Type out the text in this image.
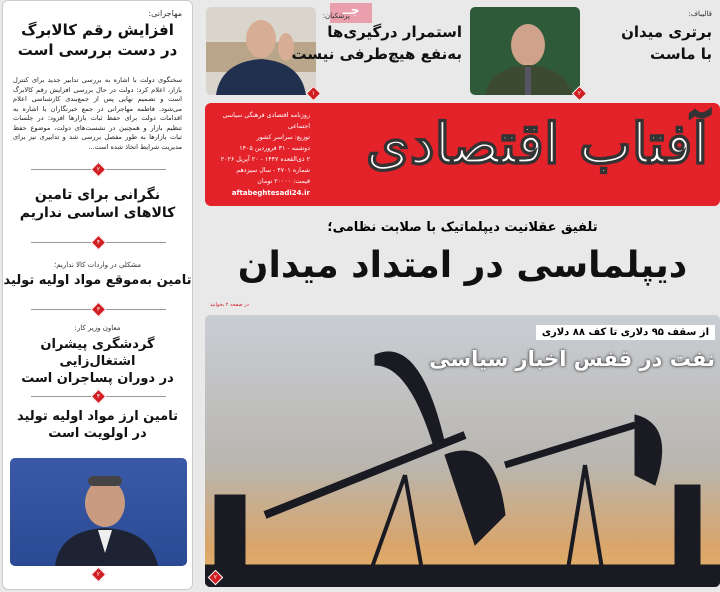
مهاجرانی:
افزایش رقم کالابرگ
در دست بررسی است
سخنگوی دولت با اشاره به بررسی تدابیر جدید برای کنترل بازار، اعلام کرد: دولت در حال بررسی افزایش رقم کالابرگ است و تصمیم نهایی پس از جمع‌بندی کارشناسی اعلام می‌شود. فاطمه مهاجرانی در جمع خبرنگاران با اشاره به اقدامات دولت برای حفظ ثبات بازارها افزود: در جلسات تنظیم بازار و همچنین در نشست‌های دولت، موضوع حفظ ثبات بازارها به طور مفصل بررسی شد و تدابیری نیز برای مدیریت شرایط اتخاذ شده است...
۲
نگرانی برای تامین
کالاهای اساسی نداریم
۴
مشکلی در واردات کالا نداریم؛
تامین به‌موقع مواد اولیه تولید
۳
معاون وزیر کار:
گردشگری پیشران اشتغال‌زایی
در دوران پساجران است
۴
تامین ارز مواد اولیه تولید
در اولویت است
۲
۱
جــ
پزشکیان:
استمرار درگیری‌ها
به‌نفع هیچ‌طرفی نیست
۲
قالیباف:
برتری میدان
با ماست
آفتاب اقتصادی
روزنامه اقتصادی فرهنگی سیاسی اجتماعی
توزیع: سراسر کشور
دوشنبه - ۳۱ فروردین ۱۴۰۵
۲ ذی‌القعده ۱۴۴۷ - ۲۰ آپریل ۲۰۲۶
شماره ۴۷۰۱ - سال سیزدهم
قیمت: ۲۰۰۰۰ تومان
aftabeghtesadi24.ir
تلفیق عقلانیت دیپلماتیک با صلابت نظامی؛
دیپلماسی در امتداد میدان
در صفحه ۲ بخوانید
از سقف ۹۵ دلاری تا کف ۸۸ دلاری
نفت در قفس اخبار سیاسی
۲
